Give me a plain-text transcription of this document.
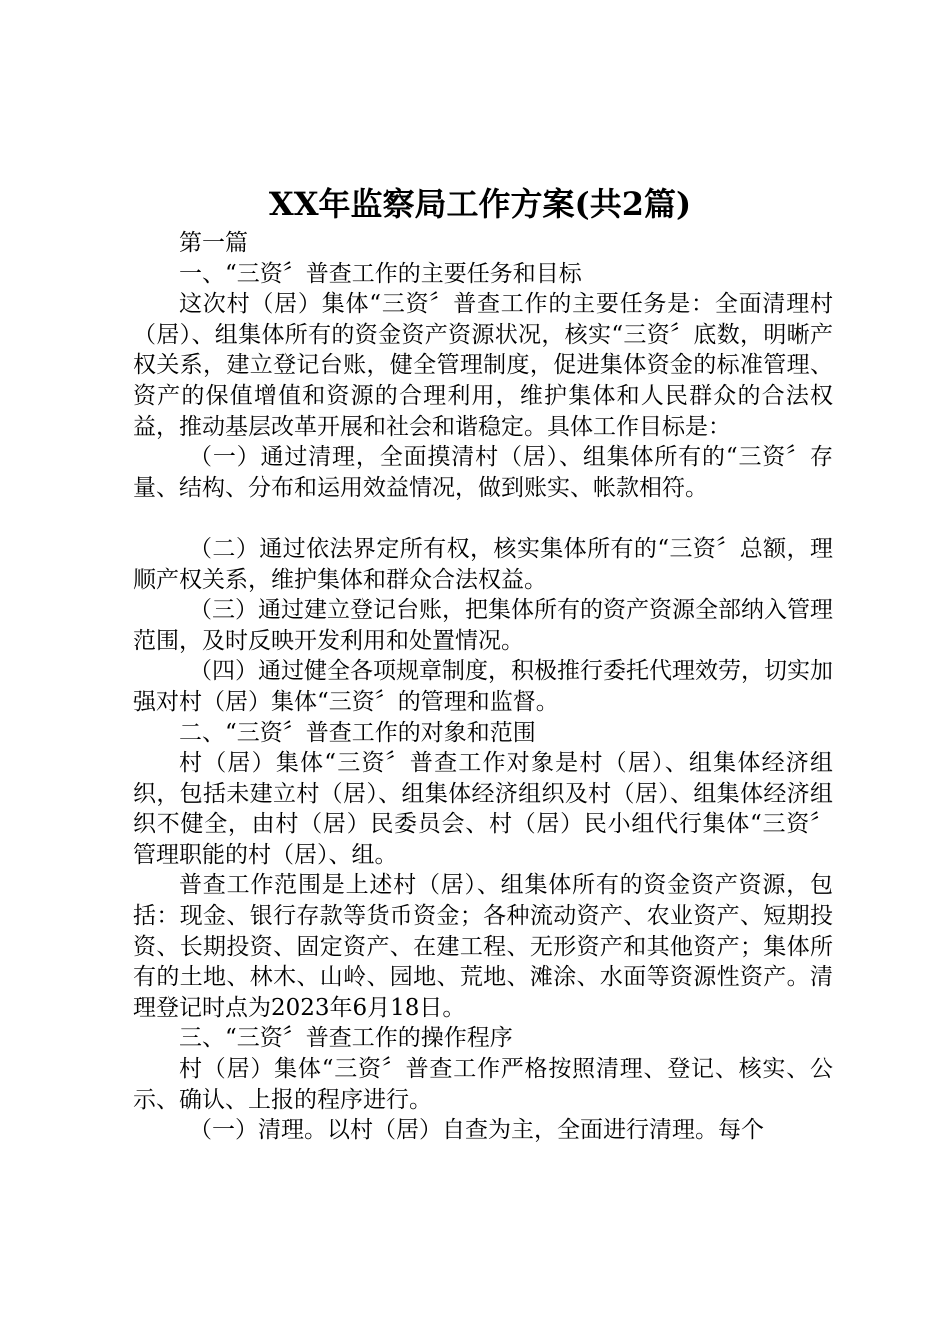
XX年监察局工作方案(共2篇)

第一篇

一、“三资〞普查工作的主要任务和目标

这次村（居）集体“三资〞普查工作的主要任务是：全面清理村（居）、组集体所有的资金资产资源状况，核实“三资〞底数，明晰产权关系，建立登记台账，健全管理制度，促进集体资金的标准管理、资产的保值增值和资源的合理利用，维护集体和人民群众的合法权益，推动基层改革开展和社会和谐稳定。具体工作目标是：

（一）通过清理，全面摸清村（居）、组集体所有的“三资〞存量、结构、分布和运用效益情况，做到账实、帐款相符。

（二）通过依法界定所有权，核实集体所有的“三资〞总额，理顺产权关系，维护集体和群众合法权益。

（三）通过建立登记台账，把集体所有的资产资源全部纳入管理范围，及时反映开发利用和处置情况。

（四）通过健全各项规章制度，积极推行委托代理效劳，切实加强对村（居）集体“三资〞的管理和监督。

二、“三资〞普查工作的对象和范围

村（居）集体“三资〞普查工作对象是村（居）、组集体经济组织，包括未建立村（居）、组集体经济组织及村（居）、组集体经济组织不健全，由村（居）民委员会、村（居）民小组代行集体“三资〞管理职能的村（居）、组。

普查工作范围是上述村（居）、组集体所有的资金资产资源，包括：现金、银行存款等货币资金；各种流动资产、农业资产、短期投资、长期投资、固定资产、在建工程、无形资产和其他资产；集体所有的土地、林木、山岭、园地、荒地、滩涂、水面等资源性资产。清理登记时点为2023年6月18日。

三、“三资〞普查工作的操作程序

村（居）集体“三资〞普查工作严格按照清理、登记、核实、公示、确认、上报的程序进行。

（一）清理。以村（居）自查为主，全面进行清理。每个
